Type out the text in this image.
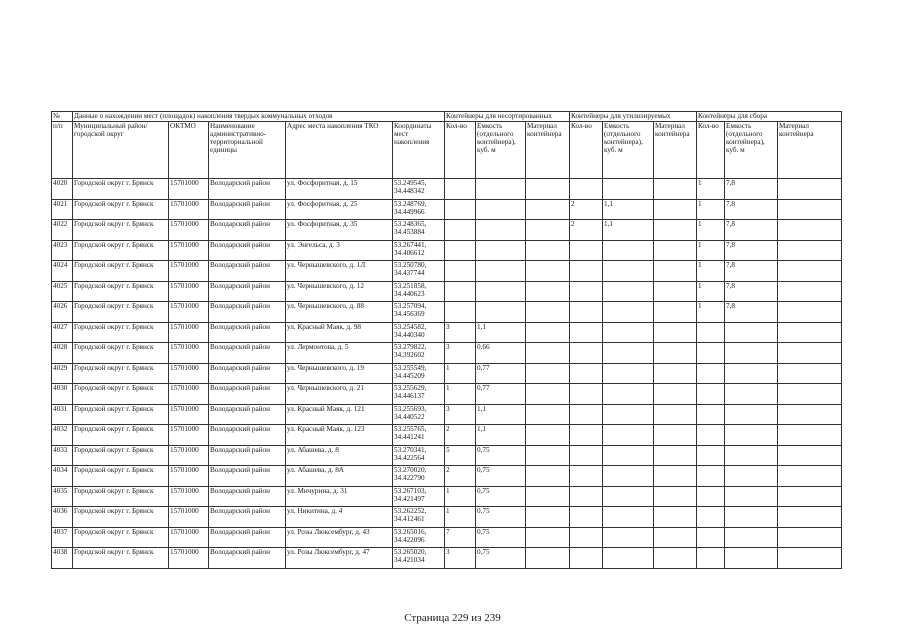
№	Данные о нахождении мест (площадок) накопления твердых коммунальных отходов					Контейнеры для несортированных			Контейнеры для утилизируемых			Контейнеры для сбора		
п/п	Муниципальный район/городской округ	ОКТМО	Наименование административно-территориальной единицы	Адрес места накопления ТКО	Координаты мест накопления	Кол-во	Емкость (отдельного контейнера), куб. м	Материал контейнера	Кол-во	Емкость (отдельного контейнера), куб. м	Материал контейнера	Кол-во	Емкость (отдельного контейнера), куб. м	Материал контейнера
4020	Городской округ г. Брянск	15701000	Володарский район	ул. Фосфоритная, д. 15	53.249545, 34.448342							1	7,8	
4021	Городской округ г. Брянск	15701000	Володарский район	ул. Фосфоритная, д. 25	53.248769, 34.449966				2	1,1		1	7,8	
4022	Городской округ г. Брянск	15701000	Володарский район	ул. Фосфоритная, д. 35	53.248365, 34.453884				2	1,1		1	7,8	
4023	Городской округ г. Брянск	15701000	Володарский район	ул. Энгельса, д. 3	53.267441, 34.406612							1	7,8	
4024	Городской округ г. Брянск	15701000	Володарский район	ул. Чернышевского, д. 1Л	53.250780, 34.437744							1	7,8	
4025	Городской округ г. Брянск	15701000	Володарский район	ул. Чернышевского, д. 12	53.251858, 34.440623							1	7,8	
4026	Городской округ г. Брянск	15701000	Володарский район	ул. Чернышевского, д. 88	53.257094, 34.456369							1	7,8	
4027	Городской округ г. Брянск	15701000	Володарский район	ул. Красный Маяк, д. 98	53.254582, 34.440340	3	1,1							
4028	Городской округ г. Брянск	15701000	Володарский район	ул. Лермонтова, д. 5	53.279822, 34.392602	3	0,66							
4029	Городской округ г. Брянск	15701000	Володарский район	ул. Чернышевского, д. 19	53.255549, 34.445209	1	0,77							
4030	Городской округ г. Брянск	15701000	Володарский район	ул. Чернышевского, д. 21	53.255629, 34.446137	1	0,77							
4031	Городской округ г. Брянск	15701000	Володарский район	ул. Красный Маяк, д. 121	53.255693, 34.440522	3	1,1							
4032	Городской округ г. Брянск	15701000	Володарский район	ул. Красный Маяк, д. 123	53.255765, 34.441241	2	1,1							
4033	Городской округ г. Брянск	15701000	Володарский район	ул. Абашева, д. 8	53.270341, 34.422564	5	0,75							
4034	Городской округ г. Брянск	15701000	Володарский район	ул. Абашева, д. 8А	53.270020, 34.422790	2	0,75							
4035	Городской округ г. Брянск	15701000	Володарский район	ул. Мичурина, д. 31	53.267103, 34.421497	1	0,75							
4036	Городской округ г. Брянск	15701000	Володарский район	ул. Никитина, д. 4	53.262252, 34.412461	1	0,75							
4037	Городской округ г. Брянск	15701000	Володарский район	ул. Розы Люксембург, д. 43	53.265016, 34.422096	7	0,75							
4038	Городской округ г. Брянск	15701000	Володарский район	ул. Розы Люксембург, д. 47	53.265020, 34.421034	3	0,75							
Страница 229 из 239
